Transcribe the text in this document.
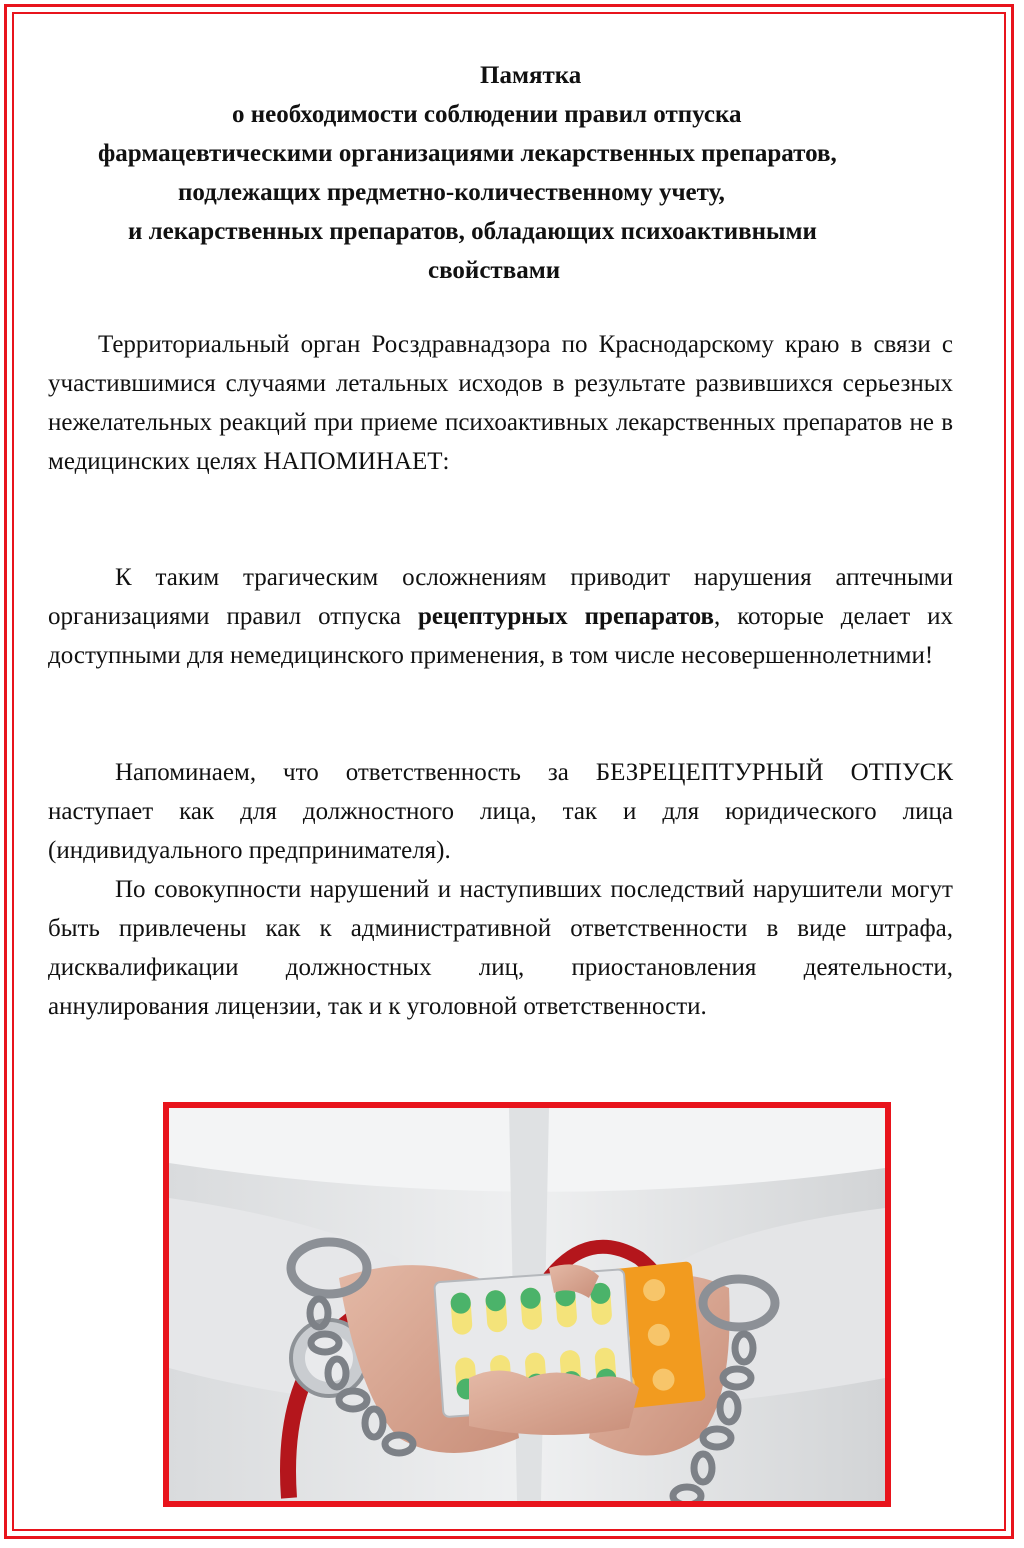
Памятка
о необходимости соблюдении правил отпуска
фармацевтическими организациями лекарственных препаратов,
подлежащих предметно-количественному учету,
и лекарственных препаратов, обладающих психоактивными
свойствами
Территориальный орган Росздравнадзора по Краснодарскому краю в связи с участившимися случаями летальных исходов в результате развившихся серьезных нежелательных реакций при приеме психоактивных лекарственных препаратов не в медицинских целях НАПОМИНАЕТ:
К таким трагическим осложнениям приводит нарушения аптечными организациями правил отпуска рецептурных препаратов, которые делает их доступными для немедицинского применения, в том числе несовершеннолетними!
Напоминаем, что ответственность за БЕЗРЕЦЕПТУРНЫЙ ОТПУСК наступает как для должностного лица, так и для юридического лица (индивидуального предпринимателя).
По совокупности нарушений и наступивших последствий нарушители могут быть привлечены как к административной ответственности в виде штрафа, дисквалификации должностных лиц, приостановления деятельности, аннулирования лицензии, так и к уголовной ответственности.
